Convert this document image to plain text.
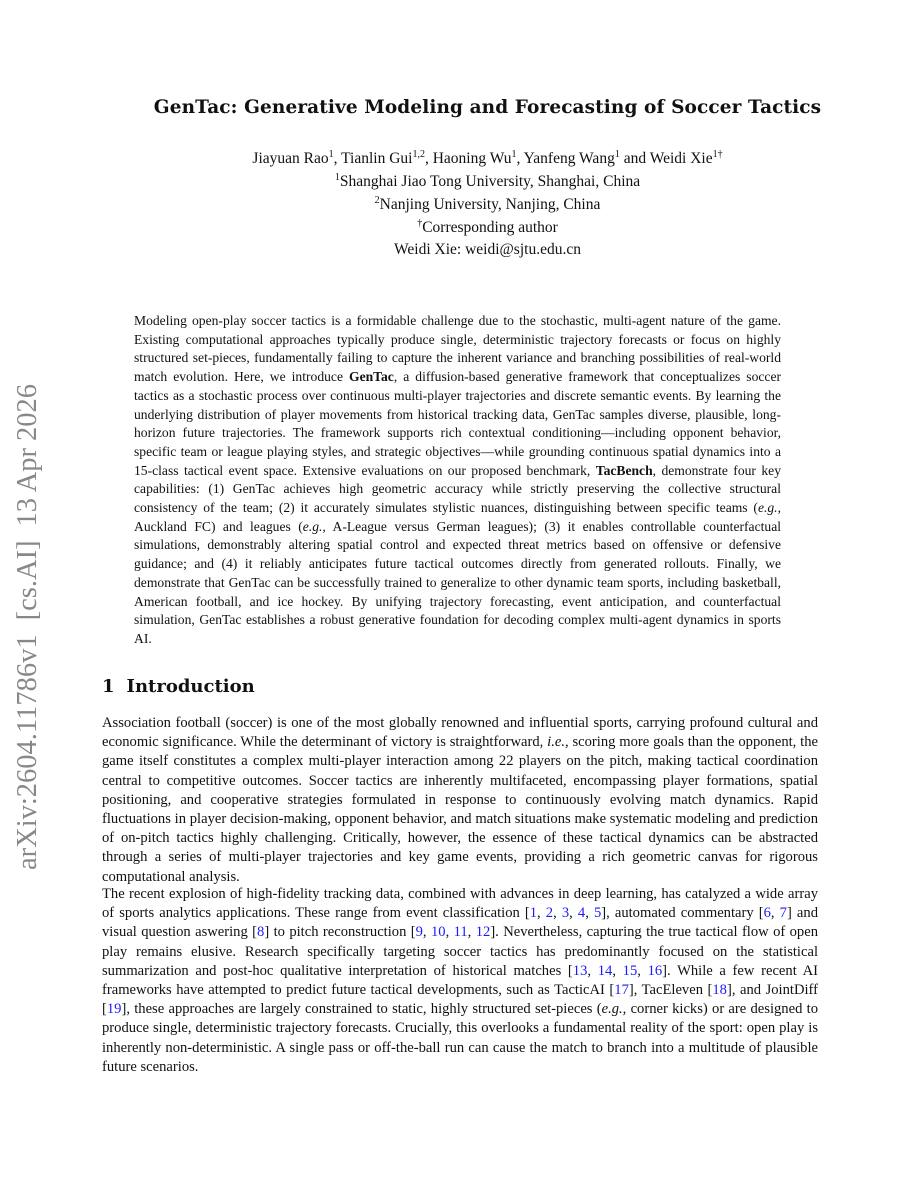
arXiv:2604.11786v1[cs.AI]13 Apr 2026
GenTac: Generative Modeling and Forecasting of Soccer Tactics
Jiayuan Rao$^1$, Tianlin Gui$^{1,2}$, Haoning Wu$^1$, Yanfeng Wang$^1$ and Weidi Xie$^{1\dagger}$
$^1$Shanghai Jiao Tong University, Shanghai, China
$^2$Nanjing University, Nanjing, China
†Corresponding author
Weidi Xie: weidi@sjtu.edu.cn
Modeling open-play soccer tactics is a formidable challenge due to the stochastic, multi-agent nature of the game. Existing computational approaches typically produce single, deterministic trajectory forecasts or focus on highly structured set-pieces, fundamentally failing to capture the inherent variance and branching possibilities of real-world match evolution. Here, we introduce GenTac, a diffusion-based generative framework that conceptualizes soccer tactics as a stochastic process over continuous multi-player trajectories and discrete semantic events. By learning the underlying distribution of player movements from historical tracking data, GenTac samples diverse, plausible, long-horizon future trajectories. The framework supports rich contextual conditioning—including opponent behavior, specific team or league playing styles, and strategic objectives—while grounding continuous spatial dynamics into a 15-class tactical event space. Extensive evaluations on our proposed benchmark, TacBench, demonstrate four key capabilities: (1) GenTac achieves high geometric accuracy while strictly preserving the collective structural consistency of the team; (2) it accurately simulates stylistic nuances, distinguishing between specific teams (e.g., Auckland FC) and leagues (e.g., A-League versus German leagues); (3) it enables controllable counterfactual simulations, demonstrably altering spatial control and expected threat metrics based on offensive or defensive guidance; and (4) it reliably anticipates future tactical outcomes directly from generated rollouts. Finally, we demonstrate that GenTac can be successfully trained to generalize to other dynamic team sports, including basketball, American football, and ice hockey. By unifying trajectory forecasting, event anticipation, and counterfactual simulation, GenTac establishes a robust generative foundation for decoding complex multi-agent dynamics in sports AI.
1 Introduction
Association football (soccer) is one of the most globally renowned and influential sports, carrying profound cultural and economic significance. While the determinant of victory is straightforward, i.e., scoring more goals than the opponent, the game itself constitutes a complex multi-player interaction among 22 players on the pitch, making tactical coordination central to competitive outcomes. Soccer tactics are inherently multifaceted, encompassing player formations, spatial positioning, and cooperative strategies formulated in response to continuously evolving match dynamics. Rapid fluctuations in player decision-making, opponent behavior, and match situations make systematic modeling and prediction of on-pitch tactics highly challenging. Critically, however, the essence of these tactical dynamics can be abstracted through a series of multi-player trajectories and key game events, providing a rich geometric canvas for rigorous computational analysis.
The recent explosion of high-fidelity tracking data, combined with advances in deep learning, has catalyzed a wide array of sports analytics applications. These range from event classification [1, 2, 3, 4, 5], automated commentary [6, 7] and visual question aswering [8] to pitch reconstruction [9, 10, 11, 12]. Nevertheless, capturing the true tactical flow of open play remains elusive. Research specifically targeting soccer tactics has predominantly focused on the statistical summarization and post-hoc qualitative interpretation of historical matches [13, 14, 15, 16]. While a few recent AI frameworks have attempted to predict future tactical developments, such as TacticAI [17], TacEleven [18], and JointDiff [19], these approaches are largely constrained to static, highly structured set-pieces (e.g., corner kicks) or are designed to produce single, deterministic trajectory forecasts. Crucially, this overlooks a fundamental reality of the sport: open play is inherently non-deterministic. A single pass or off-the-ball run can cause the match to branch into a multitude of plausible future scenarios.
